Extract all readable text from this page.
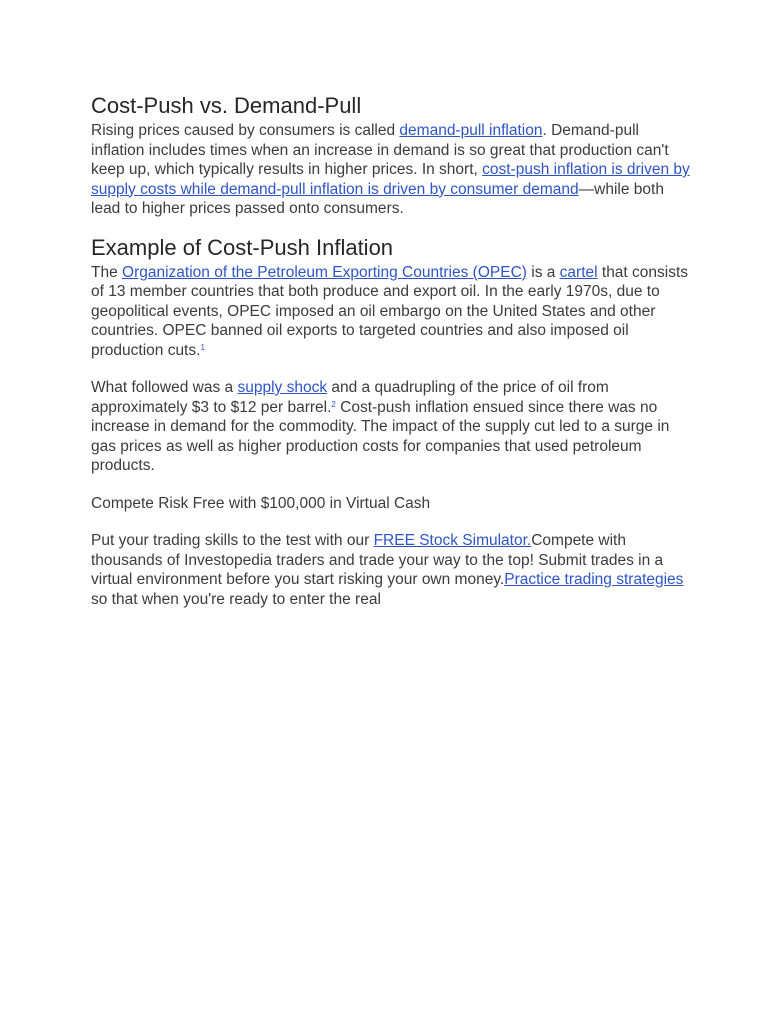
Cost-Push vs. Demand-Pull

Rising prices caused by consumers is called demand-pull inflation. Demand-pull inflation includes times when an increase in demand is so great that production can't keep up, which typically results in higher prices. In short, cost-push inflation is driven by supply costs while demand-pull inflation is driven by consumer demand—while both lead to higher prices passed onto consumers.

Example of Cost-Push Inflation

The Organization of the Petroleum Exporting Countries (OPEC) is a cartel that consists of 13 member countries that both produce and export oil. In the early 1970s, due to geopolitical events, OPEC imposed an oil embargo on the United States and other countries. OPEC banned oil exports to targeted countries and also imposed oil production cuts.$^1$

What followed was a supply shock and a quadrupling of the price of oil from approximately $3 to $12 per barrel.$^2$ Cost-push inflation ensued since there was no increase in demand for the commodity. The impact of the supply cut led to a surge in gas prices as well as higher production costs for companies that used petroleum products.

Compete Risk Free with $100,000 in Virtual Cash

Put your trading skills to the test with our FREE Stock Simulator.Compete with thousands of Investopedia traders and trade your way to the top! Submit trades in a virtual environment before you start risking your own money.Practice trading strategies so that when you're ready to enter the real
